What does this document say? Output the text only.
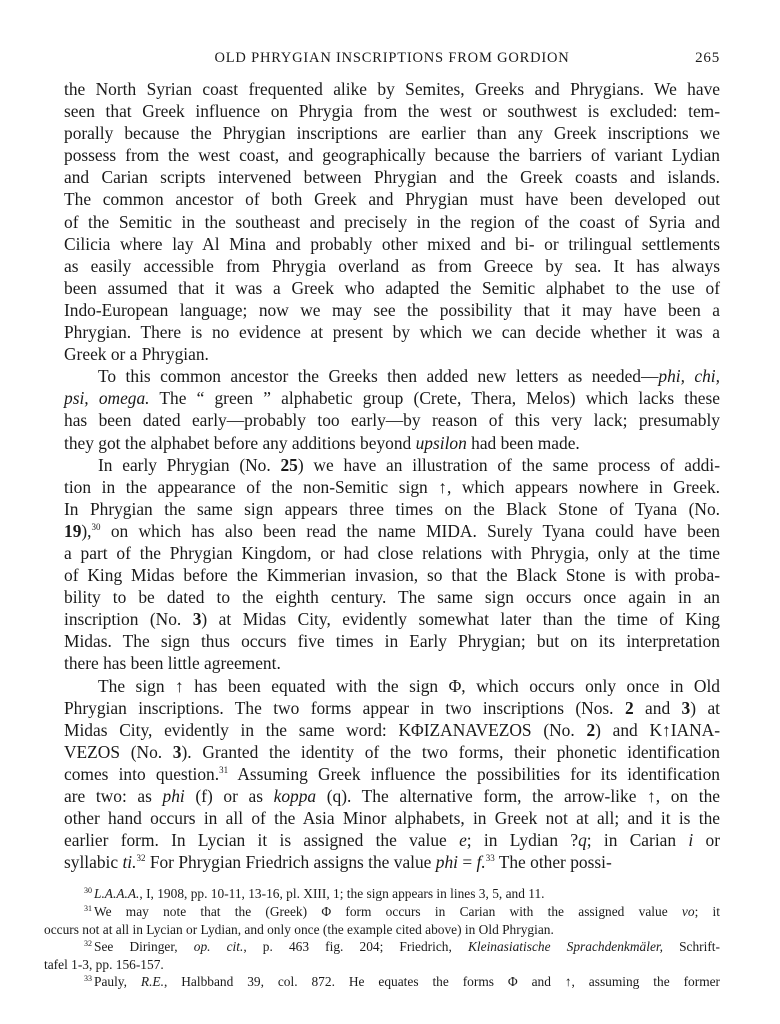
OLD PHRYGIAN INSCRIPTIONS FROM GORDION	265

the North Syrian coast frequented alike by Semites, Greeks and Phrygians. We have
seen that Greek influence on Phrygia from the west or southwest is excluded: tem-
porally because the Phrygian inscriptions are earlier than any Greek inscriptions we
possess from the west coast, and geographically because the barriers of variant Lydian
and Carian scripts intervened between Phrygian and the Greek coasts and islands.
The common ancestor of both Greek and Phrygian must have been developed out
of the Semitic in the southeast and precisely in the region of the coast of Syria and
Cilicia where lay Al Mina and probably other mixed and bi- or trilingual settlements
as easily accessible from Phrygia overland as from Greece by sea. It has always
been assumed that it was a Greek who adapted the Semitic alphabet to the use of
Indo-European language; now we may see the possibility that it may have been a
Phrygian. There is no evidence at present by which we can decide whether it was a
Greek or a Phrygian.

To this common ancestor the Greeks then added new letters as needed—phi, chi,
psi, omega. The “ green ” alphabetic group (Crete, Thera, Melos) which lacks these
has been dated early—probably too early—by reason of this very lack; presumably
they got the alphabet before any additions beyond upsilon had been made.

In early Phrygian (No. 25) we have an illustration of the same process of addi-
tion in the appearance of the non-Semitic sign ↑, which appears nowhere in Greek.
In Phrygian the same sign appears three times on the Black Stone of Tyana (No.
19),$^{30}$ on which has also been read the name MIDA. Surely Tyana could have been
a part of the Phrygian Kingdom, or had close relations with Phrygia, only at the time
of King Midas before the Kimmerian invasion, so that the Black Stone is with proba-
bility to be dated to the eighth century. The same sign occurs once again in an
inscription (No. 3) at Midas City, evidently somewhat later than the time of King
Midas. The sign thus occurs five times in Early Phrygian; but on its interpretation
there has been little agreement.

The sign ↑ has been equated with the sign Φ, which occurs only once in Old
Phrygian inscriptions. The two forms appear in two inscriptions (Nos. 2 and 3) at
Midas City, evidently in the same word: KΦIZANAVEZOS (No. 2) and K↑IANA-
VEZOS (No. 3). Granted the identity of the two forms, their phonetic identification
comes into question.$^{31}$ Assuming Greek influence the possibilities for its identification
are two: as phi (f) or as koppa (q). The alternative form, the arrow-like ↑, on the
other hand occurs in all of the Asia Minor alphabets, in Greek not at all; and it is the
earlier form. In Lycian it is assigned the value e; in Lydian ?q; in Carian i or
syllabic ti.$^{32}$ For Phrygian Friedrich assigns the value phi = f.$^{33}$ The other possi-

$^{30}$ L.A.A.A., I, 1908, pp. 10-11, 13-16, pl. XIII, 1; the sign appears in lines 3, 5, and 11.
$^{31}$ We may note that the (Greek) Φ form occurs in Carian with the assigned value vo; it
occurs not at all in Lycian or Lydian, and only once (the example cited above) in Old Phrygian.
$^{32}$ See Diringer, op. cit., p. 463 fig. 204; Friedrich, Kleinasiatische Sprachdenkmäler, Schrift-
tafel 1-3, pp. 156-157.
$^{33}$ Pauly, R.E., Halbband 39, col. 872. He equates the forms Φ and ↑, assuming the former
